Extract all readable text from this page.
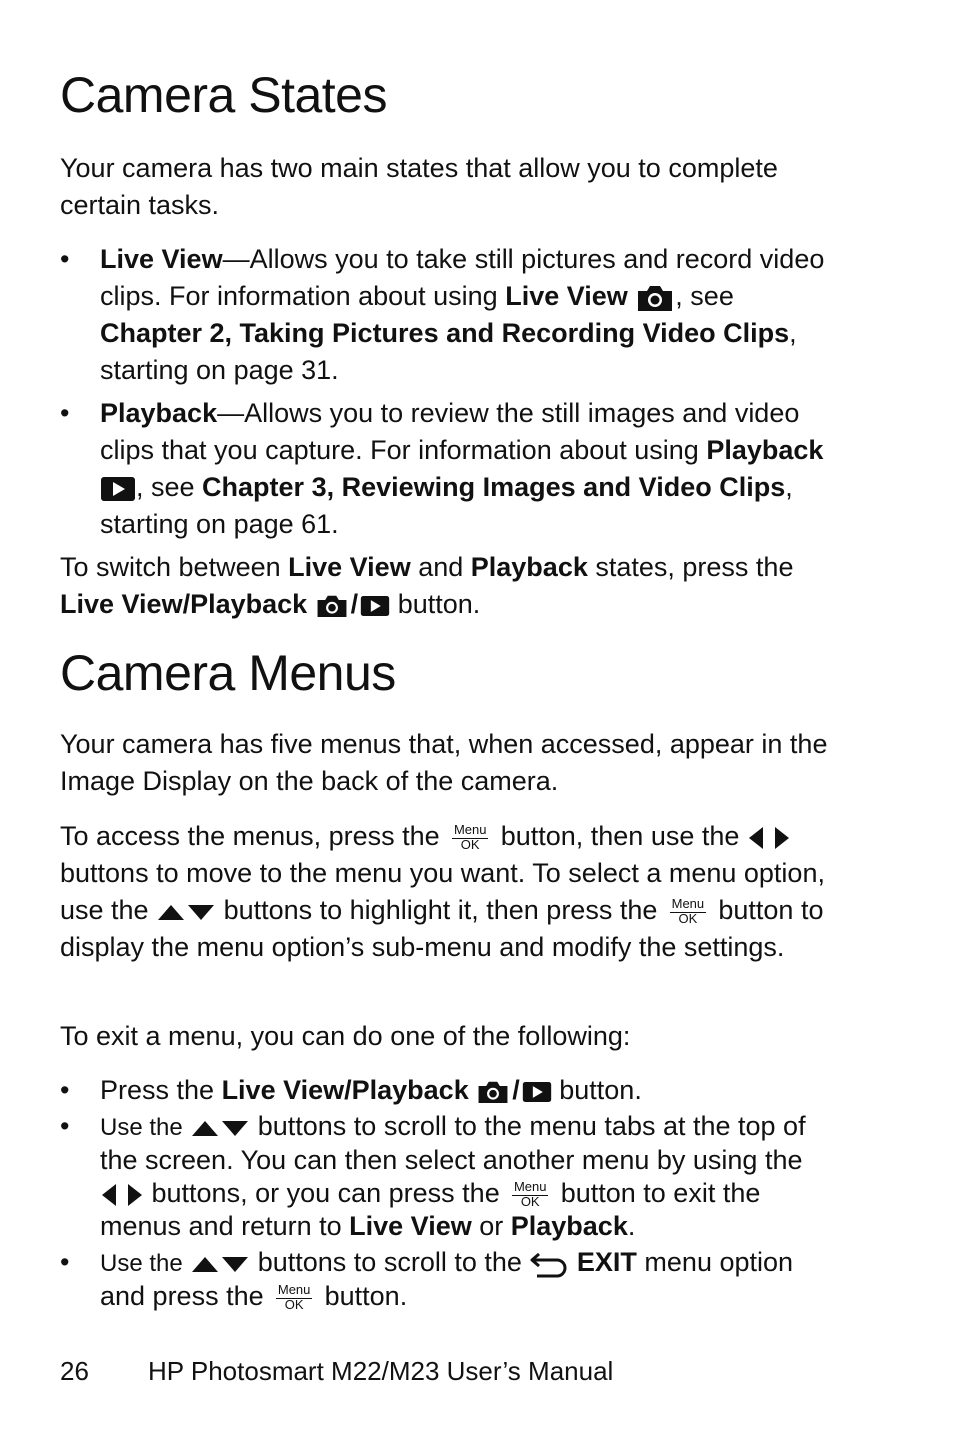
Camera States

Your camera has two main states that allow you to complete certain tasks.

• Live View—Allows you to take still pictures and record video clips. For information about using Live View , see Chapter 2, Taking Pictures and Recording Video Clips, starting on page 31.
• Playback—Allows you to review the still images and video clips that you capture. For information about using Playback , see Chapter 3, Reviewing Images and Video Clips, starting on page 61.

To switch between Live View and Playback states, press the Live View/Playback / button.

Camera Menus

Your camera has five menus that, when accessed, appear in the Image Display on the back of the camera.

To access the menus, press the Menu
OK button, then use the  buttons to move to the menu you want. To select a menu option, use the  buttons to highlight it, then press the Menu
OK button to display the menu option’s sub-menu and modify the settings.

To exit a menu, you can do one of the following:

• Press the Live View/Playback / button.
• Use the	buttons to scroll to the menu tabs at the top of the screen. You can then select another menu by using the  buttons, or you can press the Menu
OK button to exit the menus and return to Live View or Playback.
• Use the	buttons to scroll to the  EXIT menu option and press the Menu
OK button.
26 HP Photosmart M22/M23 User’s Manual
